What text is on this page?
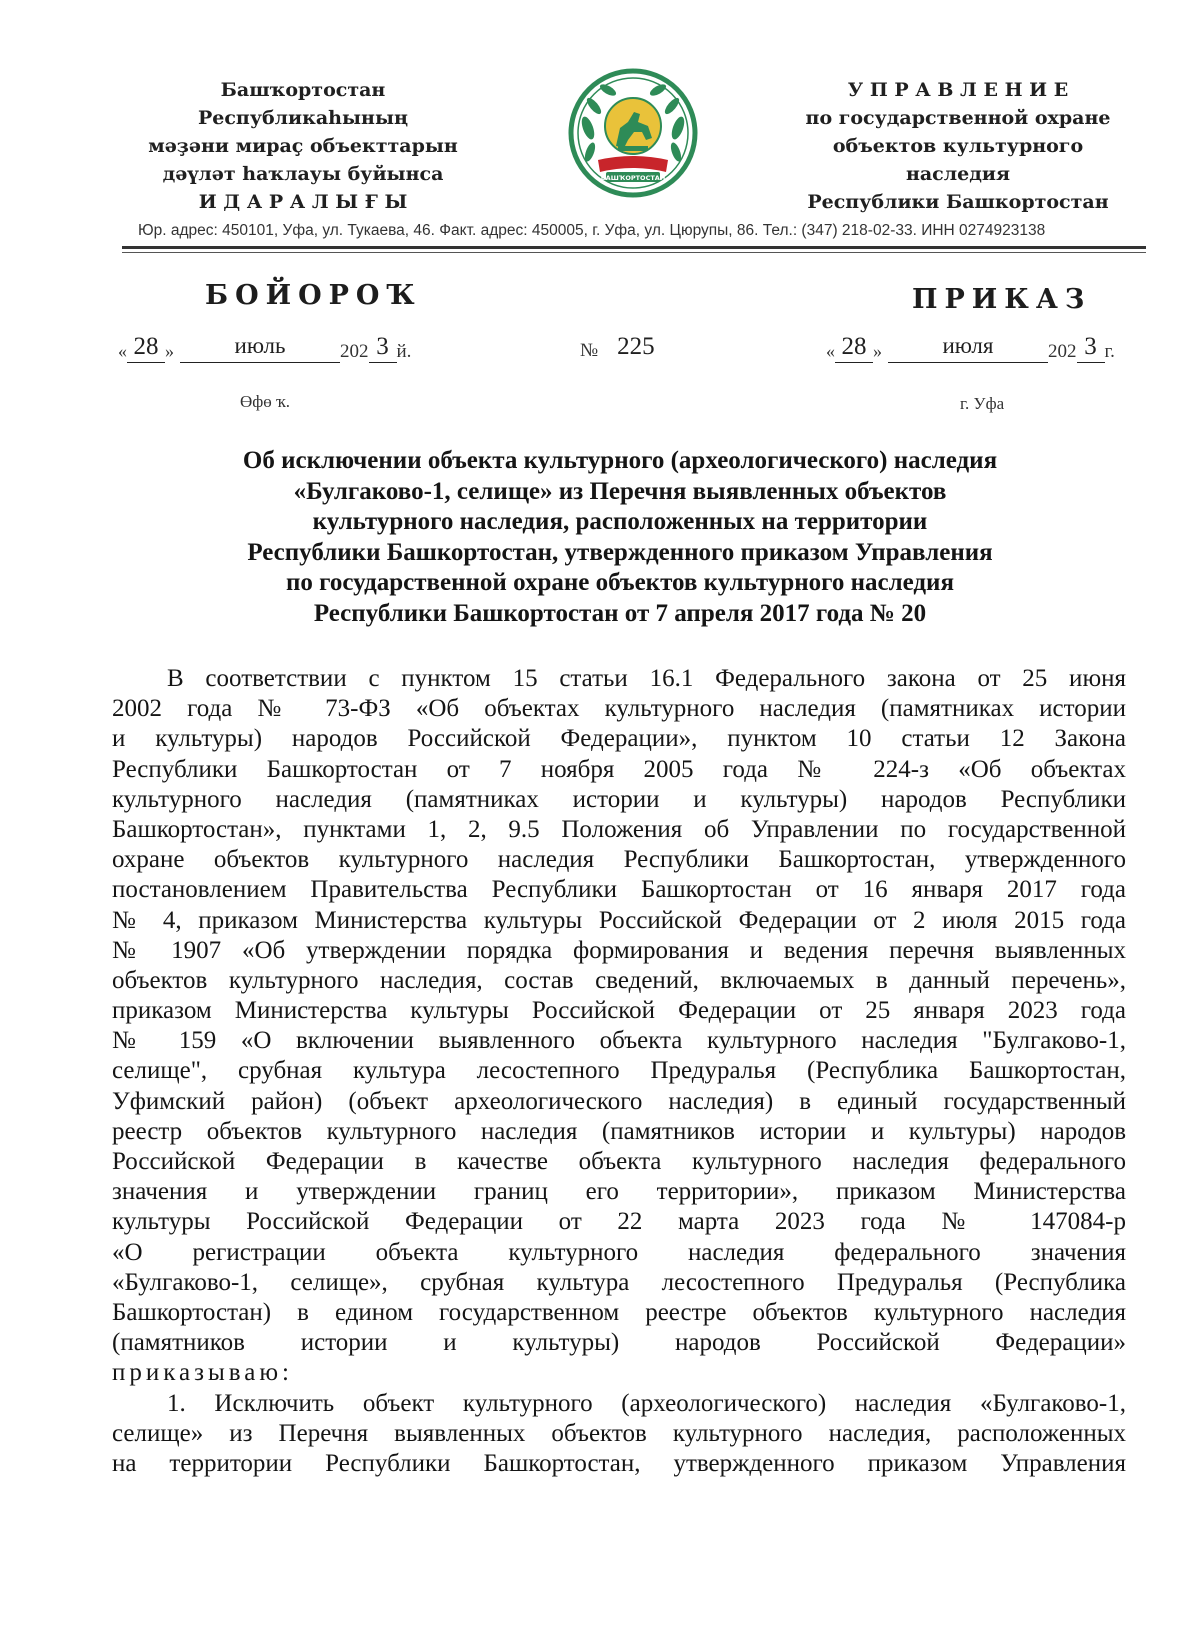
Башҡортостан Республикаһының
мәҙәни мираҫ объекттарын
дәүләт һаҡлауы буйынса
И Д А Р А Л Ы Ғ Ы
БАШҠОРТОСТАН
У П Р А В Л Е Н И Е
по государственной охране
объектов культурного наследия
Республики Башкортостан
Юр. адрес: 450101, Уфа, ул. Тукаева, 46. Факт. адрес: 450005, г. Уфа, ул. Цюрупы, 86. Тел.: (347) 218-02-33. ИНН 0274923138
БОЙОРОҠ	ПРИКАЗ
« 28 »	июль	202 3 й.	№ 225	« 28 »	июля	202 3 г.
Өфө ҡ.	г. Уфа
Об исключении объекта культурного (археологического) наследия
«Булгаково-1, селище» из Перечня выявленных объектов
культурного наследия, расположенных на территории
Республики Башкортостан, утвержденного приказом Управления
по государственной охране объектов культурного наследия
Республики Башкортостан от 7 апреля 2017 года № 20
В соответствии с пунктом 15 статьи 16.1 Федерального закона от 25 июня
2002 года № 73-ФЗ «Об объектах культурного наследия (памятниках истории
и культуры) народов Российской Федерации», пунктом 10 статьи 12 Закона
Республики Башкортостан от 7 ноября 2005 года № 224-з «Об объектах
культурного наследия (памятниках истории и культуры) народов Республики
Башкортостан», пунктами 1, 2, 9.5 Положения об Управлении по государственной
охране объектов культурного наследия Республики Башкортостан, утвержденного
постановлением Правительства Республики Башкортостан от 16 января 2017 года
№ 4, приказом Министерства культуры Российской Федерации от 2 июля 2015 года
№ 1907 «Об утверждении порядка формирования и ведения перечня выявленных
объектов культурного наследия, состав сведений, включаемых в данный перечень»,
приказом Министерства культуры Российской Федерации от 25 января 2023 года
№ 159 «О включении выявленного объекта культурного наследия "Булгаково-1,
селище", срубная культура лесостепного Предуралья (Республика Башкортостан,
Уфимский район) (объект археологического наследия) в единый государственный
реестр объектов культурного наследия (памятников истории и культуры) народов
Российской Федерации в качестве объекта культурного наследия федерального
значения и утверждении границ его территории», приказом Министерства
культуры Российской Федерации от 22 марта 2023 года № 147084-р
«О регистрации объекта культурного наследия федерального значения
«Булгаково-1, селище», срубная культура лесостепного Предуралья (Республика
Башкортостан) в едином государственном реестре объектов культурного наследия
(памятников истории и культуры) народов Российской Федерации»
приказываю:
1. Исключить объект культурного (археологического) наследия «Булгаково-1,
селище» из Перечня выявленных объектов культурного наследия, расположенных
на территории Республики Башкортостан, утвержденного приказом Управления
